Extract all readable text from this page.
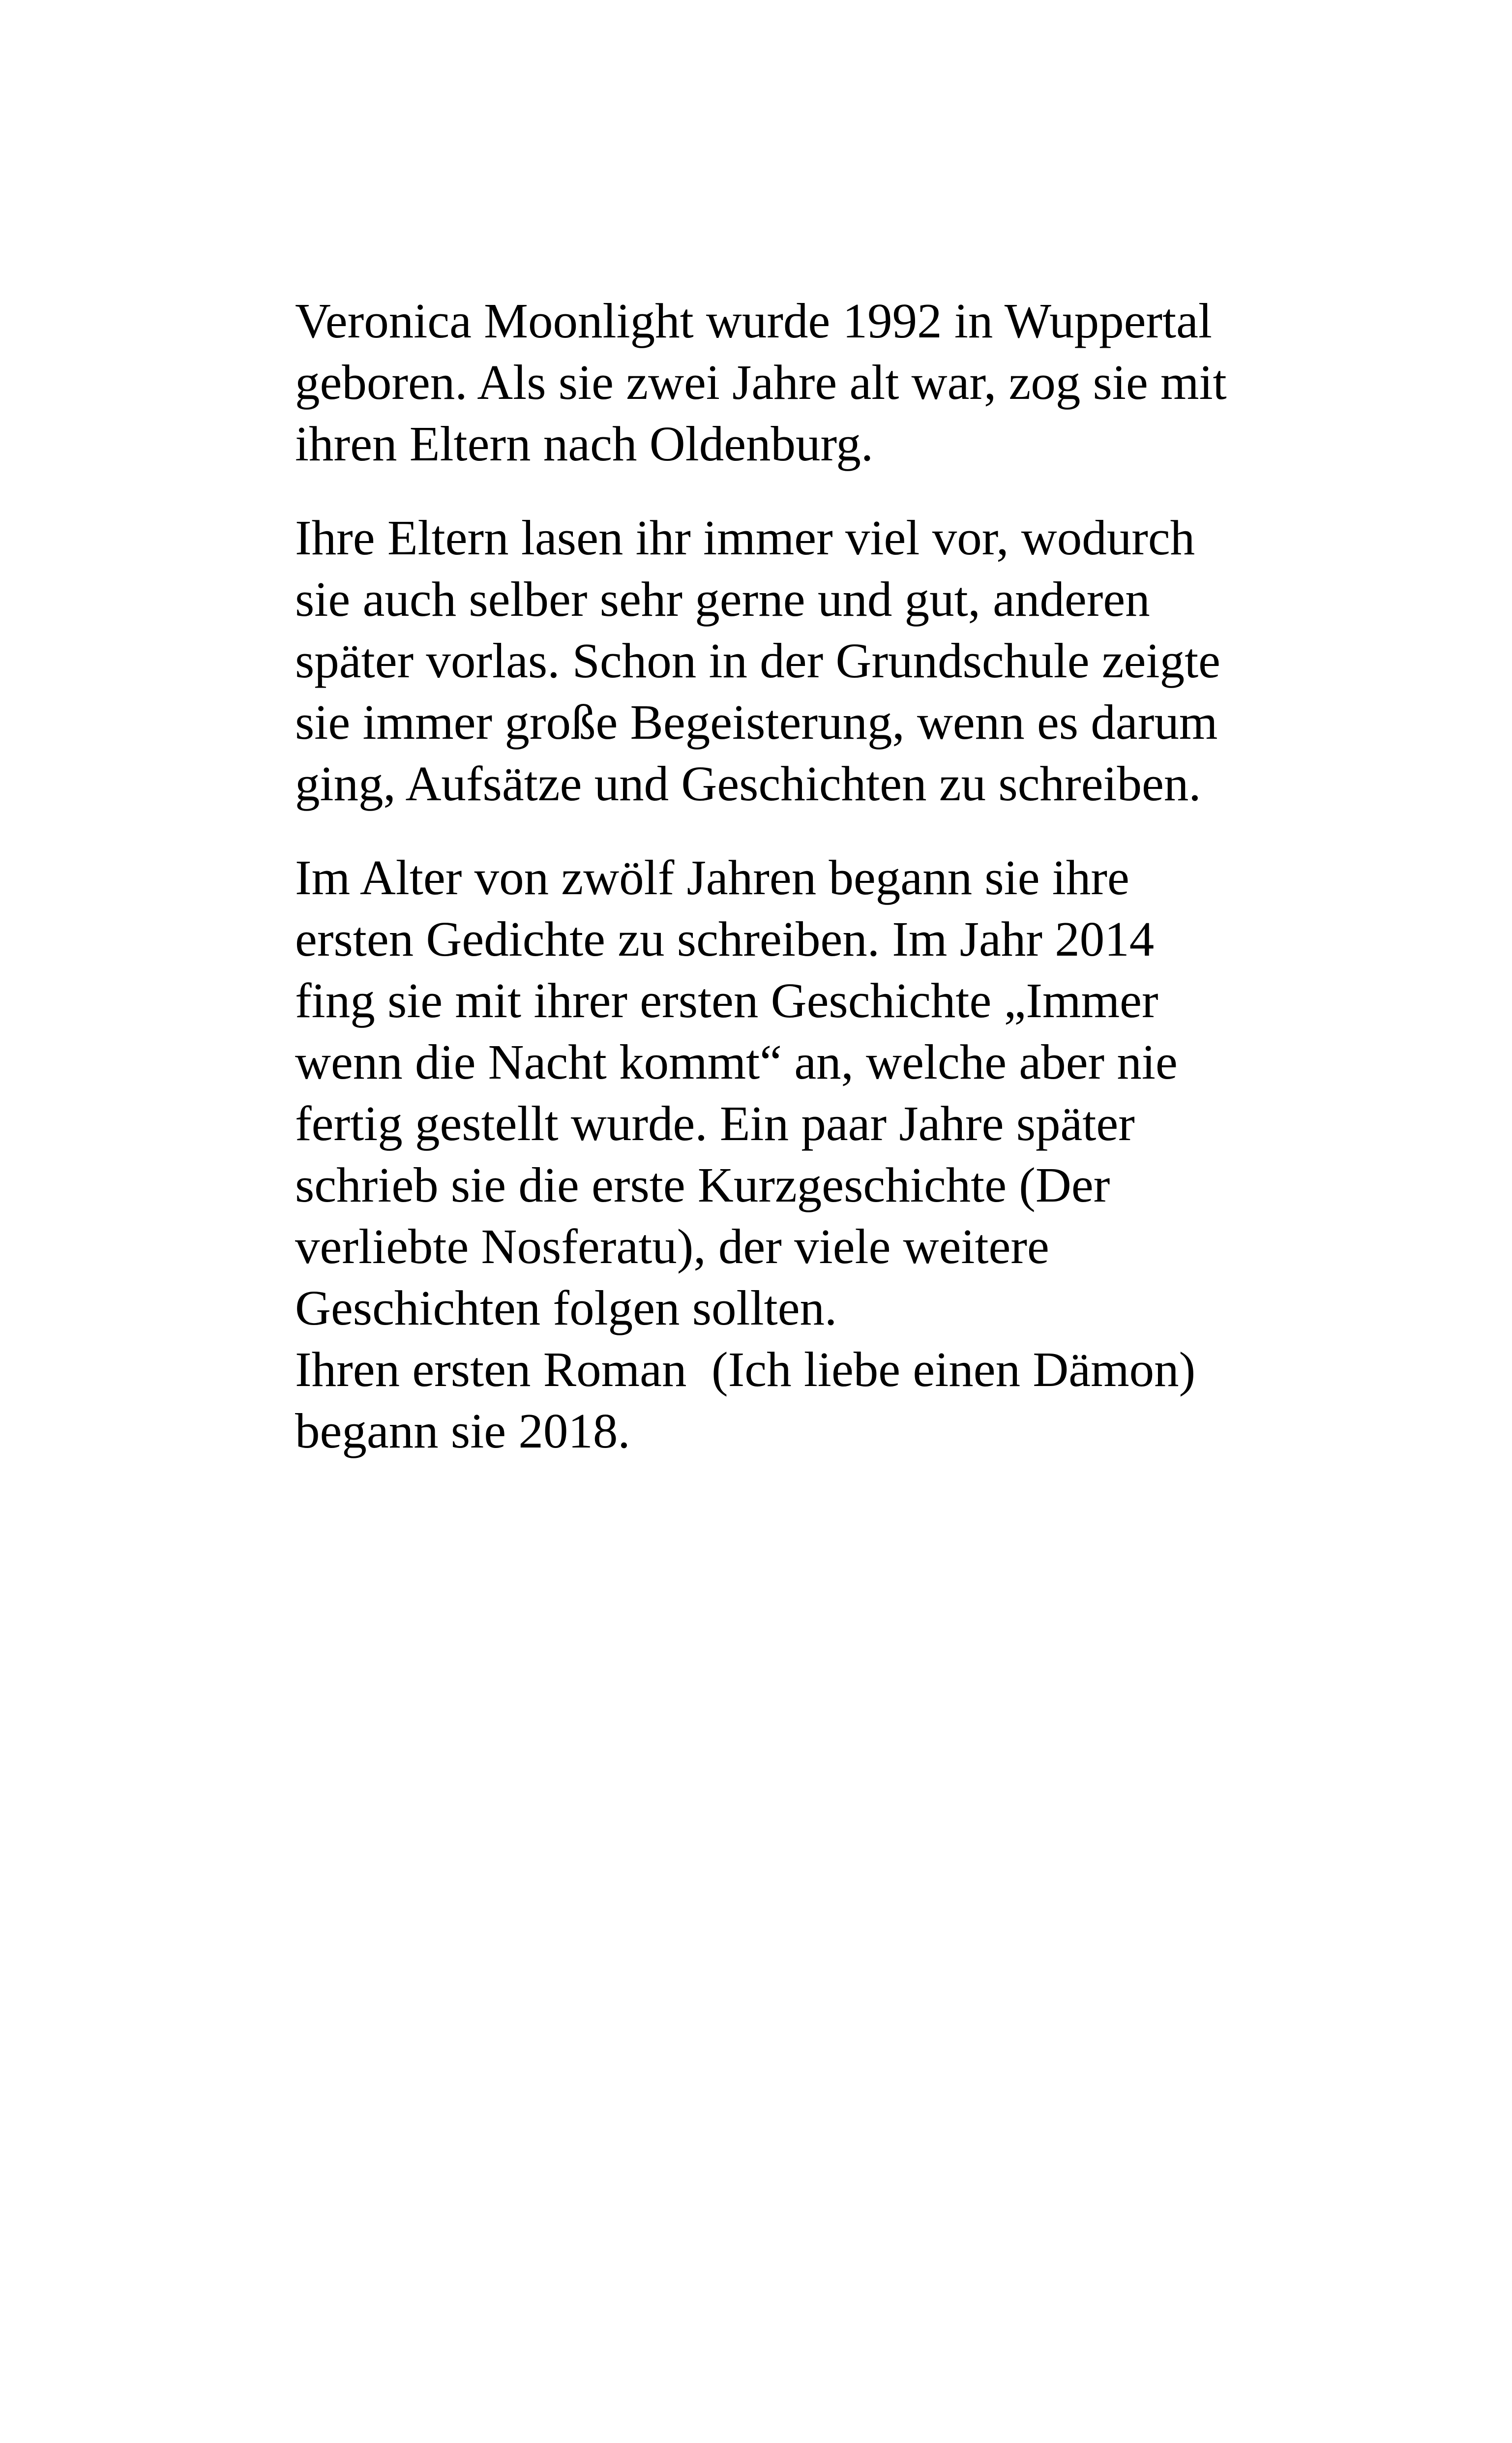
Veronica Moonlight wurde 1992 in Wuppertal
geboren. Als sie zwei Jahre alt war, zog sie mit
ihren Eltern nach Oldenburg.
Ihre Eltern lasen ihr immer viel vor, wodurch
sie auch selber sehr gerne und gut, anderen
später vorlas. Schon in der Grundschule zeigte
sie immer große Begeisterung, wenn es darum
ging, Aufsätze und Geschichten zu schreiben.
Im Alter von zwölf Jahren begann sie ihre
ersten Gedichte zu schreiben. Im Jahr 2014
fing sie mit ihrer ersten Geschichte „Immer
wenn die Nacht kommt“ an, welche aber nie
fertig gestellt wurde. Ein paar Jahre später
schrieb sie die erste Kurzgeschichte (Der
verliebte Nosferatu), der viele weitere
Geschichten folgen sollten.
Ihren ersten Roman  (Ich liebe einen Dämon)
begann sie 2018.
